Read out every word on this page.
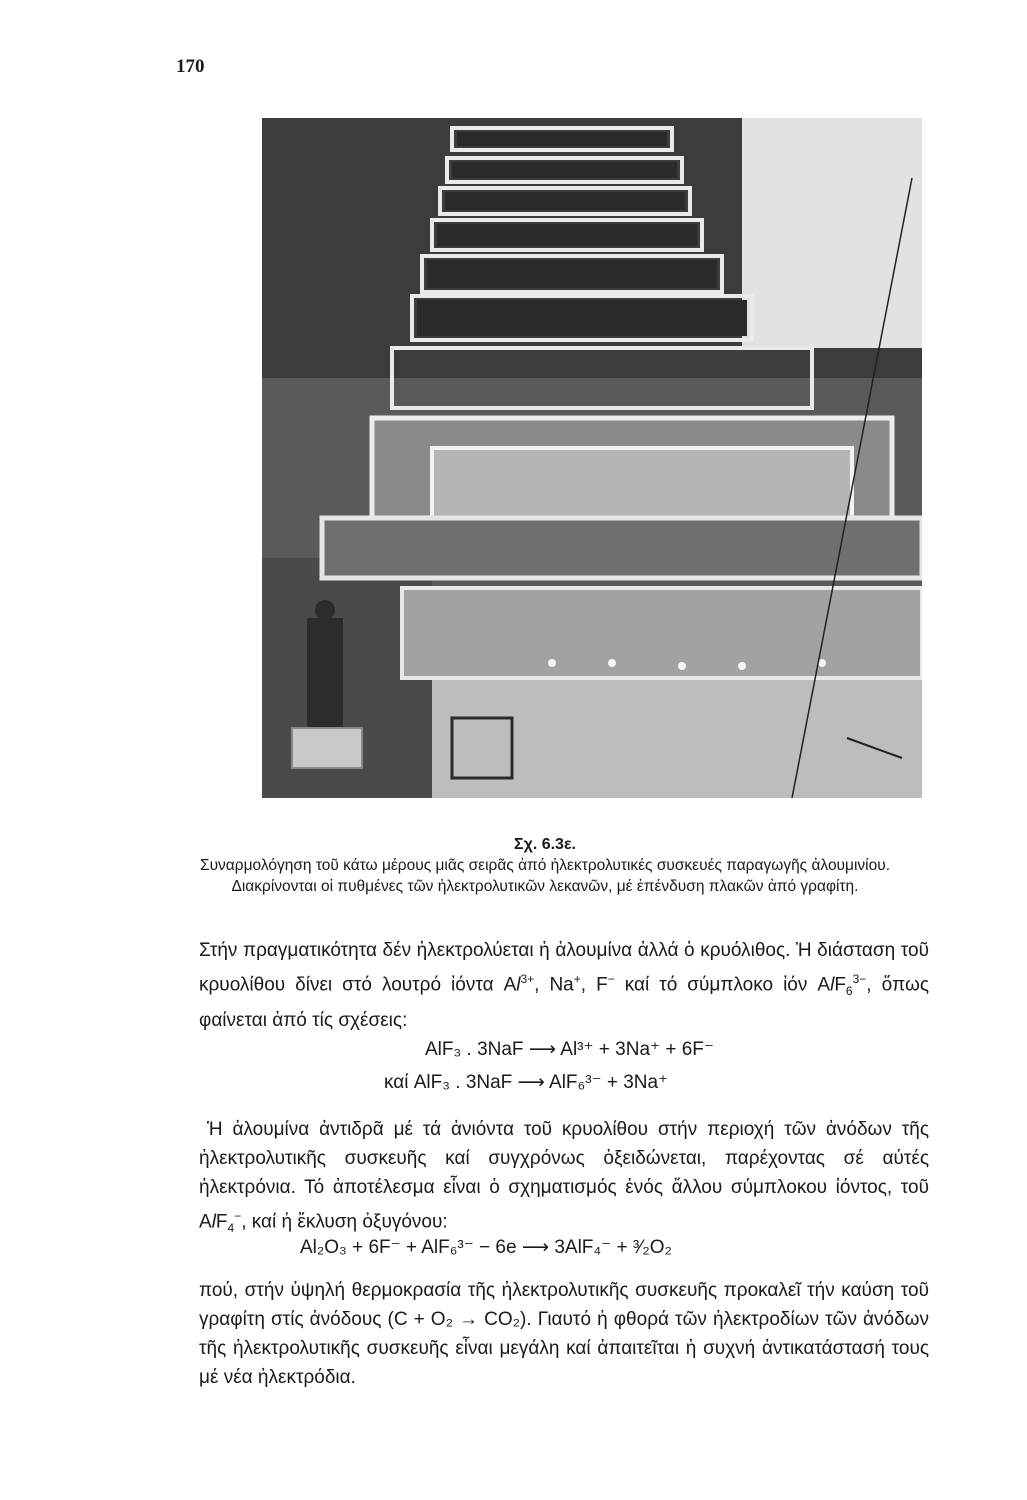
170
Σχ. 6.3ε.
Συναρμολόγηση τοῦ κάτω μέρους μιᾶς σειρᾶς ἀπό ἠλεκτρολυτικές συσκευές παραγωγῆς ἀλουμινίου.
Διακρίνονται οἱ πυθμένες τῶν ἠλεκτρολυτικῶν λεκανῶν, μέ ἐπένδυση πλακῶν ἀπό γραφίτη.
Στήν πραγματικότητα δέν ἠλεκτρολύεται ἡ ἀλουμίνα ἀλλά ὁ κρυόλιθος. Ἡ διάσταση τοῦ κρυολίθου δίνει στό λουτρό ἰόντα $Al^{3+}$, Na+, F− καί τό σύμπλοκο ἰόν AlF$_6^{3-}$, ὅπως φαίνεται ἀπό τίς σχέσεις:
AlF₃ . 3NaF ⟶ Al³⁺ + 3Na⁺ + 6F⁻
καί AlF₃ . 3NaF ⟶ AlF₆³⁻ + 3Na⁺
Ἡ ἀλουμίνα ἀντιδρᾶ μέ τά ἀνιόντα τοῦ κρυολίθου στήν περιοχή τῶν ἀνόδων τῆς ἠλεκτρολυτικῆς συσκευῆς καί συγχρόνως ὀξειδώνεται, παρέχοντας σέ αὐτές ἠλεκτρόνια. Τό ἀποτέλεσμα εἶναι ὁ σχηματισμός ἑνός ἄλλου σύμπλοκου ἰόντος, τοῦ AlF$_4$−, καί ἡ ἔκλυση ὀξυγόνου:
Al₂O₃ + 6F⁻ + AlF₆³⁻ − 6e ⟶ 3AlF₄⁻ + ³⁄₂O₂
πού, στήν ὑψηλή θερμοκρασία τῆς ἠλεκτρολυτικῆς συσκευῆς προκαλεῖ τήν καύση τοῦ γραφίτη στίς ἀνόδους (C + O₂ → CO₂). Γιαυτό ἡ φθορά τῶν ἠλεκτροδίων τῶν ἀνόδων τῆς ἠλεκτρολυτικῆς συσκευῆς εἶναι μεγάλη καί ἀπαιτεῖται ἡ συχνή ἀντικατάστασή τους μέ νέα ἠλεκτρόδια.
